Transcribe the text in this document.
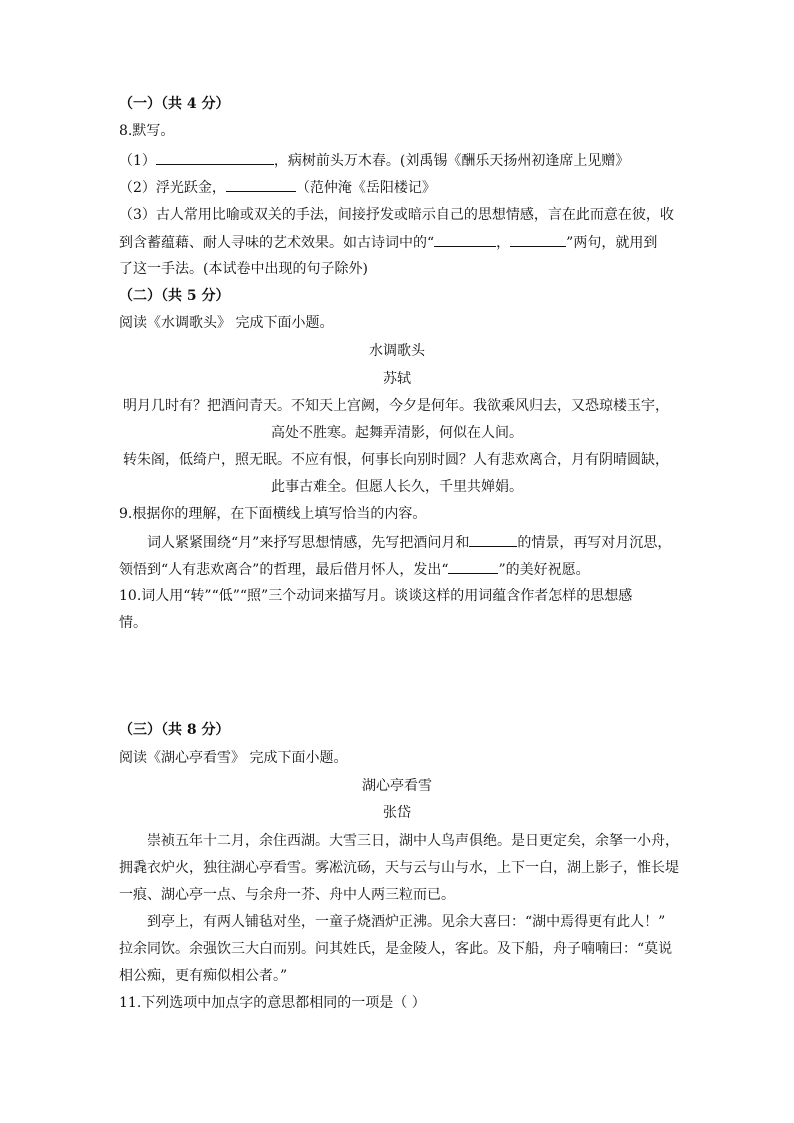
（一）（共 4 分）
8.默写。
（1）	，病树前头万木春。(刘禹锡《酬乐天扬州初逢席上见赠》
（2）浮光跃金，	（范仲淹《岳阳楼记》
（3）古人常用比喻或双关的手法，间接抒发或暗示自己的思想情感，言在此而意在彼，收
到含蓄蕴藉、耐人寻味的艺术效果。如古诗词中的“	，	”两句，就用到
了这一手法。(本试卷中出现的句子除外)
（二）（共 5 分）
阅读《水调歌头》 完成下面小题。
水调歌头
苏轼
明月几时有？把酒问青天。不知天上宫阙，今夕是何年。我欲乘风归去，又恐琼楼玉宇，
高处不胜寒。起舞弄清影，何似在人间。
转朱阁，低绮户，照无眠。不应有恨，何事长向别时圆？人有悲欢离合，月有阴晴圆缺，
此事古难全。但愿人长久，千里共婵娟。
9.根据你的理解，在下面横线上填写恰当的内容。
词人紧紧围绕“月”来抒写思想情感，先写把酒问月和	的情景，再写对月沉思，
领悟到“人有悲欢离合”的哲理，最后借月怀人，发出“	”的美好祝愿。
10.词人用“转”“低”“照”三个动词来描写月。谈谈这样的用词蕴含作者怎样的思想感
情。
（三）（共 8 分）
阅读《湖心亭看雪》 完成下面小题。
湖心亭看雪
张岱
崇祯五年十二月，余住西湖。大雪三日，湖中人鸟声俱绝。是日更定矣，余拏一小舟，
拥毳衣炉火，独往湖心亭看雪。雾凇沆砀，天与云与山与水，上下一白，湖上影子，惟长堤
一痕、湖心亭一点、与余舟一芥、舟中人两三粒而已。
到亭上，有两人铺毡对坐，一童子烧酒炉正沸。见余大喜曰：“湖中焉得更有此人！”
拉余同饮。余强饮三大白而别。问其姓氏，是金陵人，客此。及下船，舟子喃喃曰：“莫说
相公痴，更有痴似相公者。”
11.下列选项中加点字的意思都相同的一项是（ ）
